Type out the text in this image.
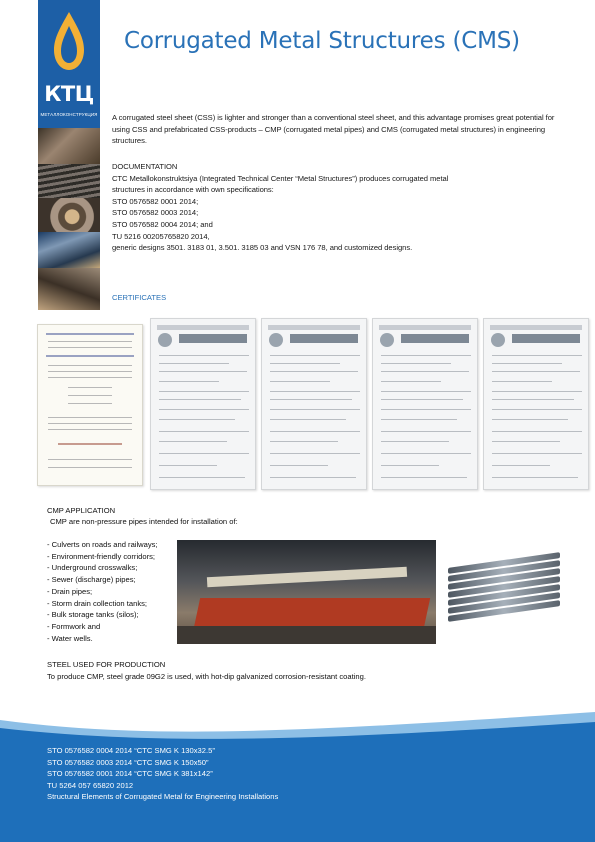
КТЦ
МЕТАЛЛОКОНСТРУКЦИЯ
Corrugated Metal Structures (CMS)

A corrugated steel sheet (CSS) is lighter and stronger than a conventional steel sheet, and this advantage promises great potential for using CSS and prefabricated CSS-products – CMP (corrugated metal pipes) and CMS (corrugated metal structures) in engineering structures.

DOCUMENTATION
CTC Metallokonstruktsiya (Integrated Technical Center “Metal Structures”) produces corrugated metal
structures in accordance with own specifications:
STO 0576582 0001 2014;
STO 0576582 0003 2014;
STO 0576582 0004 2014; and
TU 5216 00205765820 2014,
generic designs 3501. 3183 01, 3.501. 3185 03 and VSN 176 78, and customized designs.
CERTIFICATES
CMP APPLICATION
CMP are non-pressure pipes intended for installation of:
- Culverts on roads and railways;
- Environment-friendly corridors;
- Underground crosswalks;
- Sewer (discharge) pipes;
- Drain pipes;
- Storm drain collection tanks;
- Bulk storage tanks (silos);
- Formwork and
- Water wells.
STEEL USED FOR PRODUCTION

To produce CMP, steel grade 09G2 is used, with hot-dip galvanized corrosion-resistant coating.

STO 0576582 0004 2014 “CTC SMG K 130x32.5”
STO 0576582 0003 2014 “CTC SMG K 150x50”
STO 0576582 0001 2014 “CTC SMG K 381x142”
TU 5264 057 65820 2012
Structural Elements of Corrugated Metal for Engineering Installations
